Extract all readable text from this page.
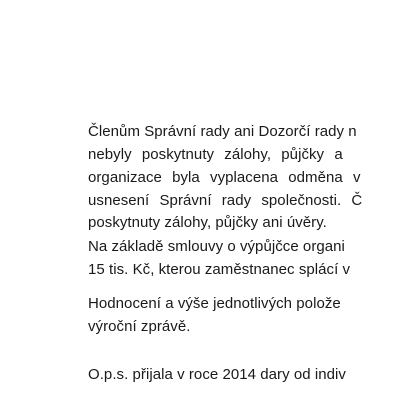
Členům Správní rady ani Dozorčí rady n
nebyly poskytnuty zálohy, půjčky a
organizace byla vyplacena odměna v
usnesení Správní rady společnosti. Č
poskytnuty zálohy, půjčky ani úvěry.
Na základě smlouvy o výpůjčce organi
15 tis. Kč, kterou zaměstnanec splácí v
Hodnocení a výše jednotlivých polože
výroční zprávě.
O.p.s. přijala v roce 2014 dary od indiv
